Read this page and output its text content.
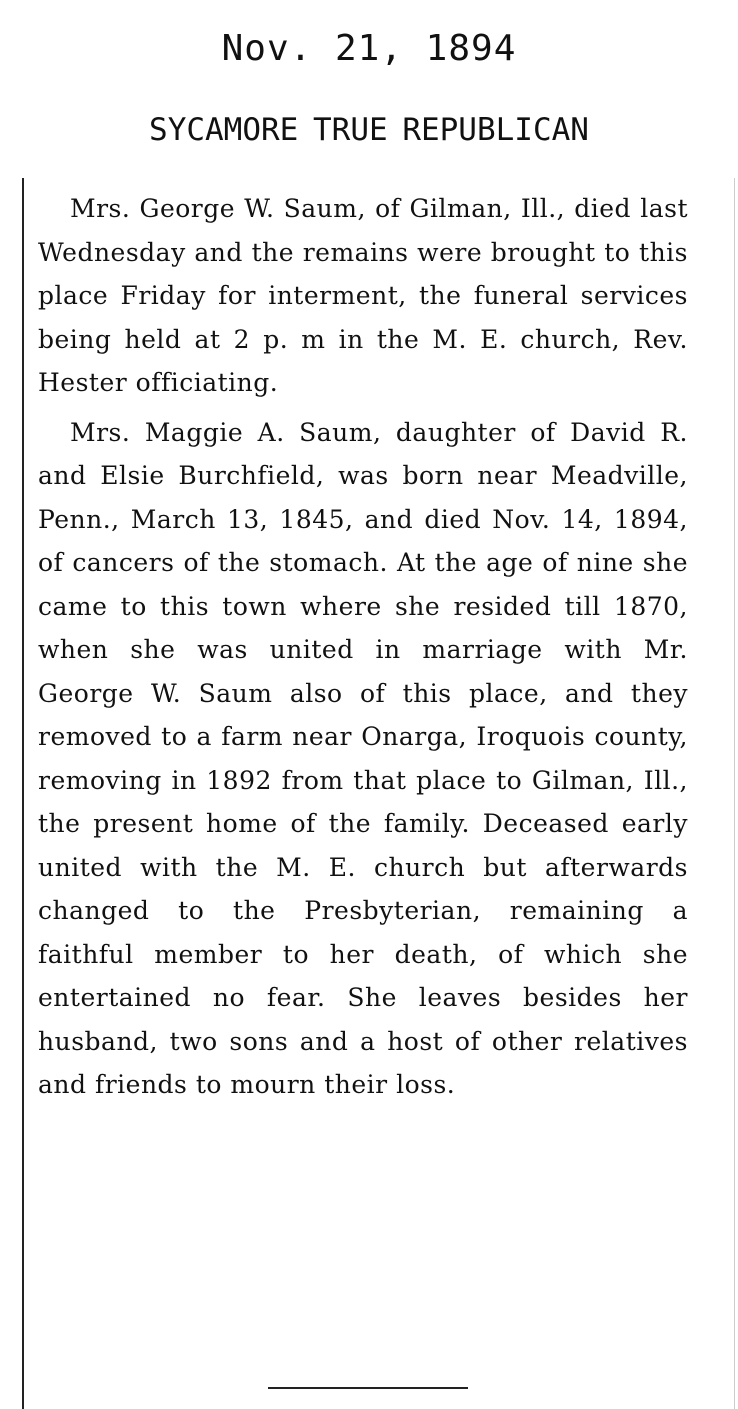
Nov. 21, 1894
SYCAMORE TRUE REPUBLICAN

Mrs. George W. Saum, of Gilman, Ill., died last Wednesday and the remains were brought to this place Friday for interment, the funeral services being held at 2 p. m in the M. E. church, Rev. Hester officiating.

Mrs. Maggie A. Saum, daughter of David R. and Elsie Burchfield, was born near Meadville, Penn., March 13, 1845, and died Nov. 14, 1894, of cancers of the stomach. At the age of nine she came to this town where she resided till 1870, when she was united in marriage with Mr. George W. Saum also of this place, and they removed to a farm near Onarga, Iroquois county, removing in 1892 from that place to Gilman, Ill., the present home of the family. Deceased early united with the M. E. church but afterwards changed to the Presbyterian, remaining a faithful member to her death, of which she entertained no fear. She leaves besides her husband, two sons and a host of other relatives and friends to mourn their loss.
